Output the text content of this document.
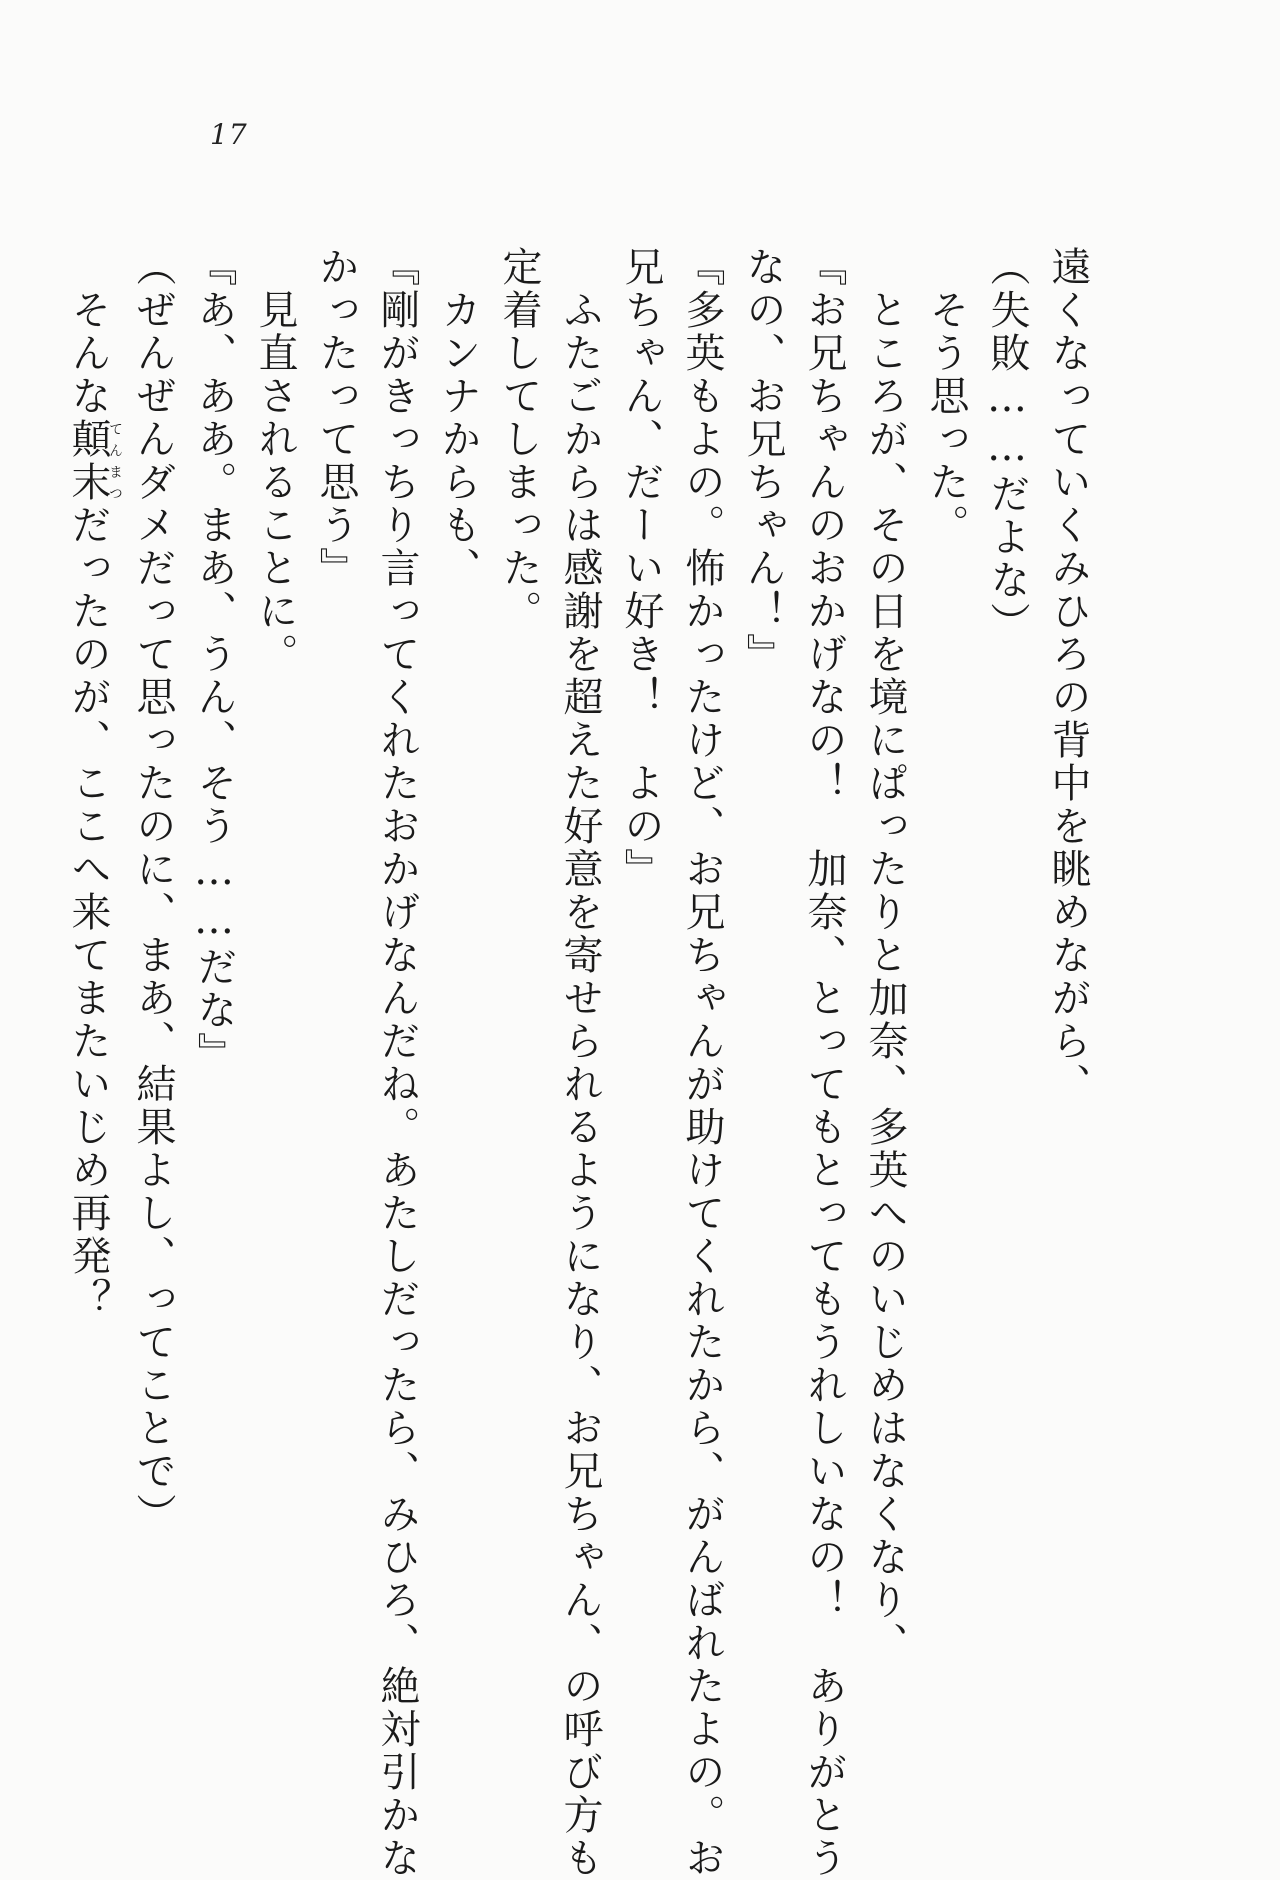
17
遠くなっていくみひろの背中を眺めながら、
（失敗……だよな）
　そう思った。
　ところが、その日を境にぱったりと加奈、多英へのいじめはなくなり、
『お兄ちゃんのおかげなの！　加奈、とってもとってもうれしいなの！　ありがとう
なの、お兄ちゃん！』
『多英もよの。怖かったけど、お兄ちゃんが助けてくれたから、がんばれたよの。お
兄ちゃん、だーい好き！　よの』
　ふたごからは感謝を超えた好意を寄せられるようになり、お兄ちゃん、の呼び方も
定着してしまった。
　カンナからも、
『剛がきっちり言ってくれたおかげなんだね。あたしだったら、みひろ、絶対引かな
かったって思う』
　見直されることに。
『あ、ああ。まあ、うん、そう……だな』
（ぜんぜんダメだって思ったのに、まあ、結果よし、ってことで）
　そんな顛末てんまつだったのが、ここへ来てまたいじめ再発？
